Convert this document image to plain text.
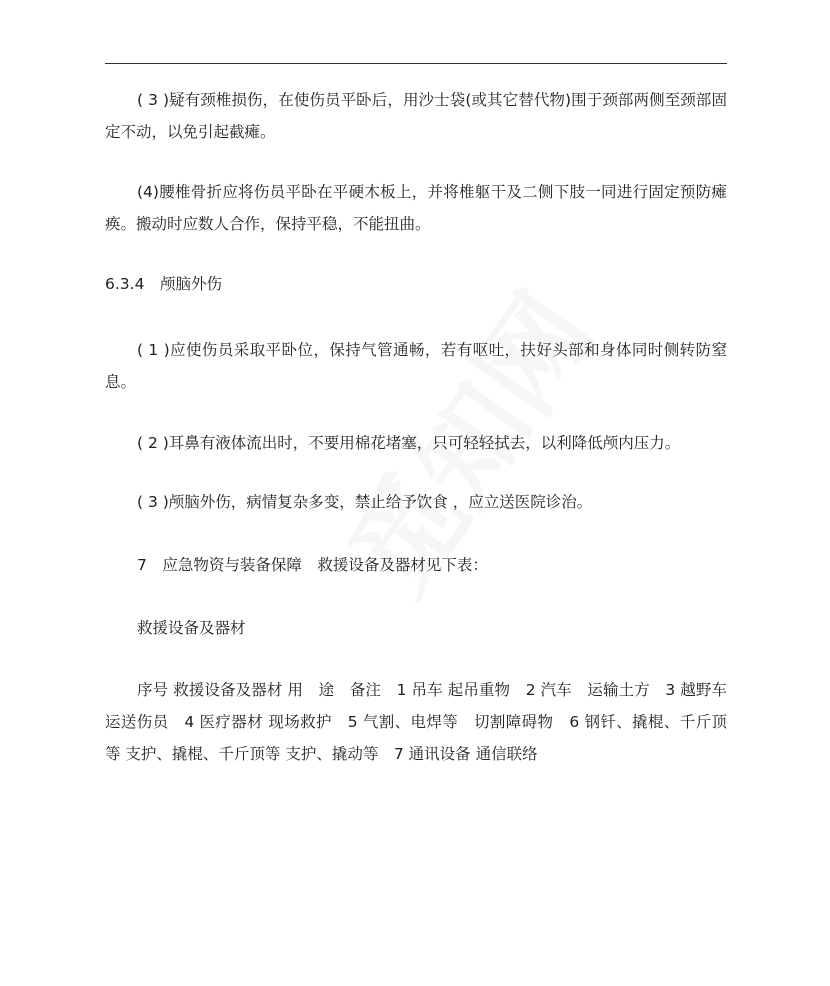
( 3 )疑有颈椎损伤，在使伤员平卧后，用沙士袋(或其它替代物)围于颈部两侧至颈部固定不动，以免引起截瘫。

(4)腰椎骨折应将伤员平卧在平硬木板上，并将椎躯干及二侧下肢一同进行固定预防瘫痪。搬动时应数人合作，保持平稳，不能扭曲。

6.3.4　颅脑外伤

( 1 )应使伤员采取平卧位，保持气管通畅，若有呕吐，扶好头部和身体同时侧转防窒息。

( 2 )耳鼻有液体流出时，不要用棉花堵塞，只可轻轻拭去，以利降低颅内压力。

( 3 )颅脑外伤，病情复杂多变，禁止给予饮食 ，应立送医院诊治。

7　应急物资与装备保障　救援设备及器材见下表：

救援设备及器材

序号 救援设备及器材 用　途　备注　1 吊车 起吊重物　2 汽车　运输土方　3 越野车 运送伤员　4 医疗器材 现场救护　5 气割、电焊等　切割障碍物　6 钢钎、撬棍、千斤顶等 支护、撬棍、千斤顶等 支护、撬动等　7 通讯设备 通信联络
